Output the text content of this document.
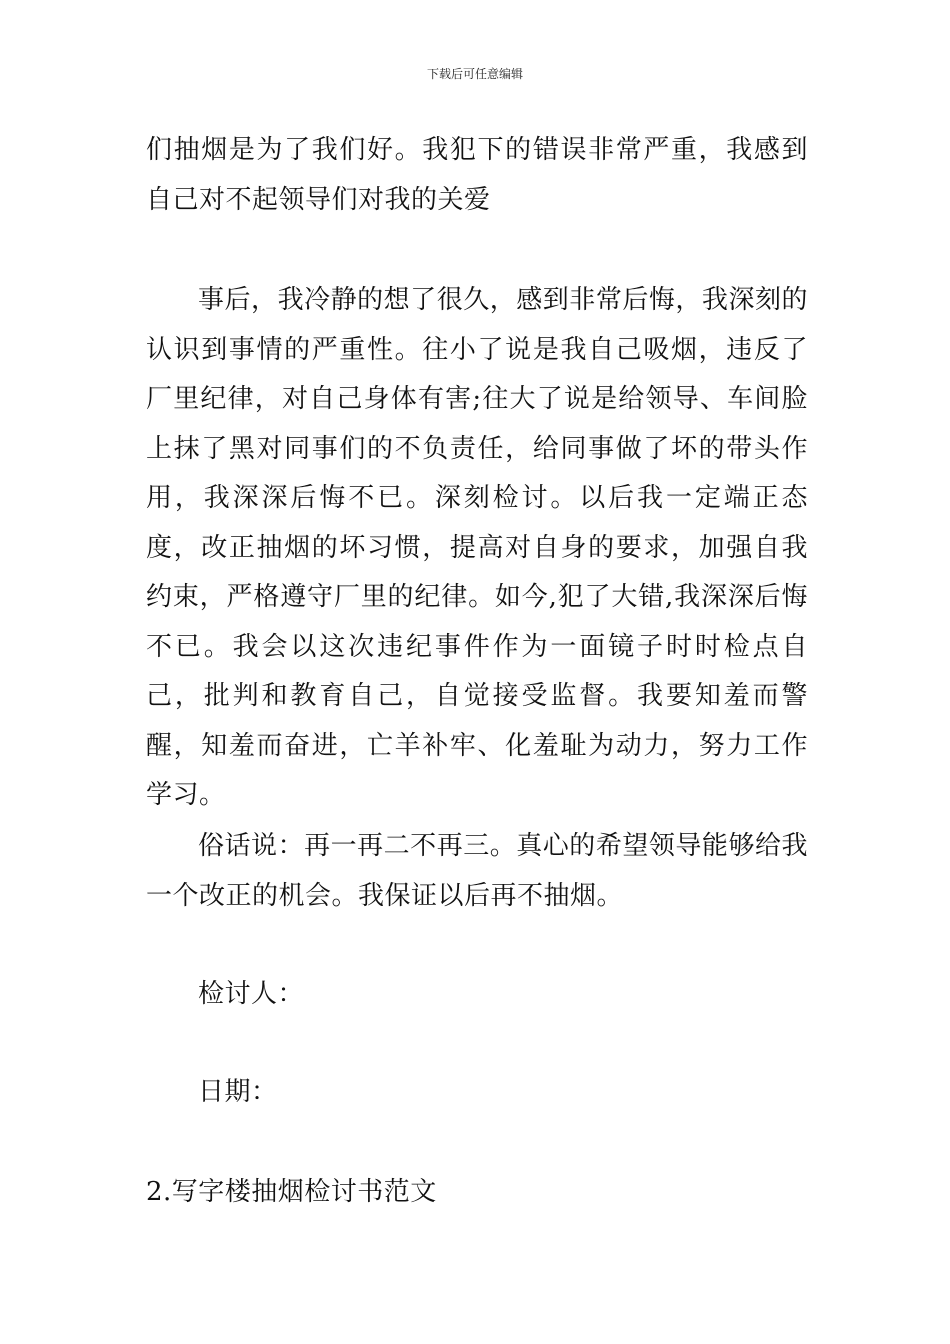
下载后可任意编辑

们抽烟是为了我们好。我犯下的错误非常严重，我感到自己对不起领导们对我的关爱

事后，我冷静的想了很久，感到非常后悔，我深刻的认识到事情的严重性。往小了说是我自己吸烟，违反了厂里纪律，对自己身体有害;往大了说是给领导、车间脸上抹了黑对同事们的不负责任，给同事做了坏的带头作用，我深深后悔不已。深刻检讨。以后我一定端正态度，改正抽烟的坏习惯，提高对自身的要求，加强自我约束，严格遵守厂里的纪律。如今,犯了大错,我深深后悔不已。我会以这次违纪事件作为一面镜子时时检点自己，批判和教育自己，自觉接受监督。我要知羞而警醒，知羞而奋进，亡羊补牢、化羞耻为动力，努力工作学习。

俗话说：再一再二不再三。真心的希望领导能够给我一个改正的机会。我保证以后再不抽烟。

检讨人：

日期：

2.写字楼抽烟检讨书范文
